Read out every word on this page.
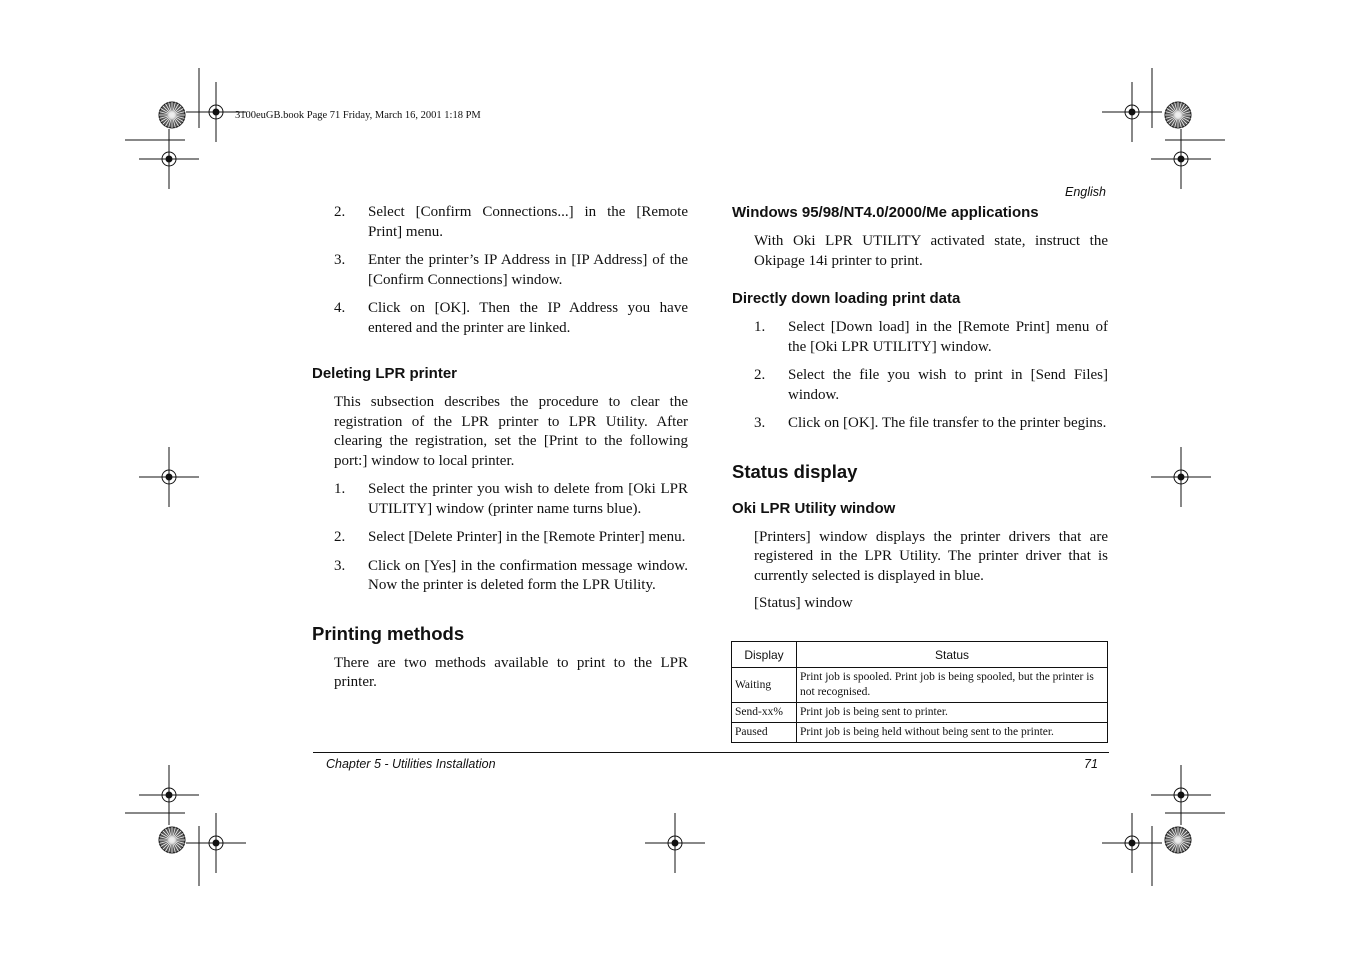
3100euGB.book Page 71 Friday, March 16, 2001 1:18 PM
English
2. Select [Confirm Connections...] in the [Remote Print] menu.
3. Enter the printer’s IP Address in [IP Address] of the [Confirm Connections] window.
4. Click on [OK]. Then the IP Address you have entered and the printer are linked.
Deleting LPR printer
This subsection describes the procedure to clear the registration of the LPR printer to LPR Utility. After clearing the registration, set the [Print to the following port:] window to local printer.
1. Select the printer you wish to delete from [Oki LPR UTILITY] window (printer name turns blue).
2. Select [Delete Printer] in the [Remote Printer] menu.
3. Click on [Yes] in the confirmation message window. Now the printer is deleted form the LPR Utility.
Printing methods
There are two methods available to print to the LPR printer.
Windows 95/98/NT4.0/2000/Me applications
With Oki LPR UTILITY activated state, instruct the Okipage 14i printer to print.
Directly down loading print data
1. Select [Down load] in the [Remote Print] menu of the [Oki LPR UTILITY] window.
2. Select the file you wish to print in [Send Files] window.
3. Click on [OK]. The file transfer to the printer begins.
Status display
Oki LPR Utility window
[Printers] window displays the printer drivers that are registered in the LPR Utility. The printer driver that is currently selected is displayed in blue.
[Status] window
Display	Status
Waiting	Print job is spooled. Print job is being spooled, but the printer is not recognised.
Send-xx%	Print job is being sent to printer.
Paused	Print job is being held without being sent to the printer.
Chapter 5 - Utilities Installation	71
